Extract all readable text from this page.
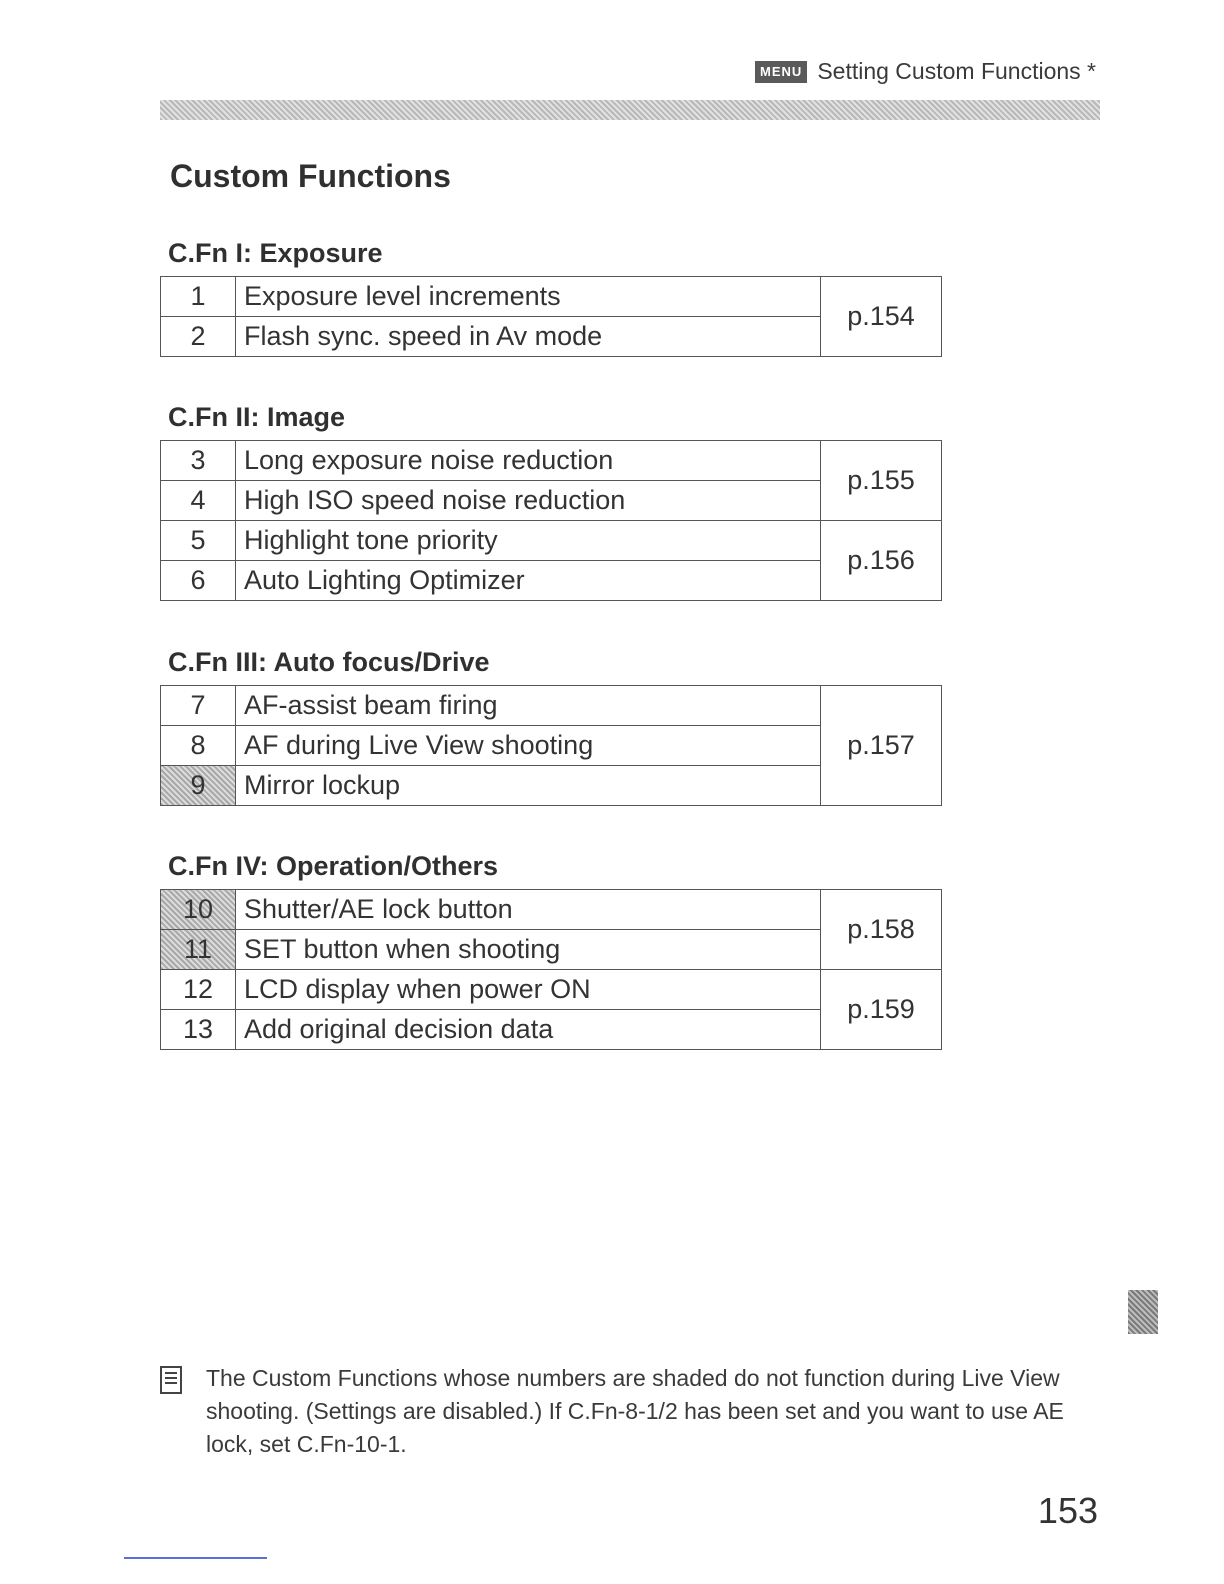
MENU Setting Custom Functions *
Custom Functions
C.Fn I: Exposure
1	Exposure level increments	p.154
2	Flash sync. speed in Av mode	
C.Fn II: Image
3	Long exposure noise reduction	p.155
4	High ISO speed noise reduction	
5	Highlight tone priority	p.156
6	Auto Lighting Optimizer	
C.Fn III: Auto focus/Drive
7	AF-assist beam firing	p.157
8	AF during Live View shooting	
9	Mirror lockup	
C.Fn IV: Operation/Others
10	Shutter/AE lock button	p.158
11	SET button when shooting	
12	LCD display when power ON	p.159
13	Add original decision data	
The Custom Functions whose numbers are shaded do not function during Live View shooting. (Settings are disabled.) If C.Fn-8-1/2 has been set and you want to use AE lock, set C.Fn-10-1.
153
